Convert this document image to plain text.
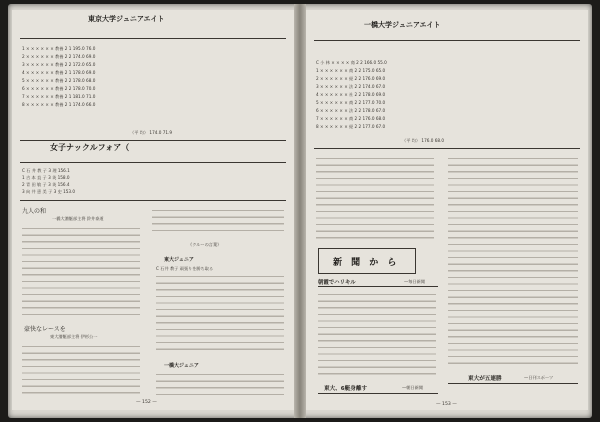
東京大学ジュニアエイト
1 × × × × × × 教養 2 1 195.0 76.0
2 × × × × × × 教養 2 2 174.0 69.0
3 × × × × × × 教養 2 2 172.0 65.0
4 × × × × × × 教養 2 1 178.0 69.0
5 × × × × × × 教養 2 2 178.0 68.0
6 × × × × × × 教養 2 2 178.0 70.0
7 × × × × × × 教養 2 1 181.0 71.0
8 × × × × × × 教養 2 1 174.0 66.0
（平 均） 174.0 71.9
女子ナックルフォア（
C 石 井 教 子 3 理 156.1
1 吉 本 直 子 3 英 158.0
2 青 田 敏 子 3 英 156.4
3 向 井 恵 美 子 3 史 153.0
九人の和
一橋大漕艇部主将 鈴井泰道
豪快なレースを
東大漕艇部主将 伊杉公一
《クルーの言葉》
東大ジュニア
C 石井 教子 頑張りを勝ち取る
一橋大ジュニア
— 152 —
一橋大学ジュニアエイト
C 小 林 × × × × 商 2 2 166.0 55.0
1 × × × × × × 商 2 2 175.0 65.0
2 × × × × × × 経 2 2 176.0 69.0
3 × × × × × × 法 2 2 174.0 67.0
4 × × × × × × 社 2 2 178.0 69.0
5 × × × × × × 商 2 2 177.0 70.0
6 × × × × × × 法 2 2 178.0 67.0
7 × × × × × × 商 2 2 176.0 68.0
8 × × × × × × 経 2 2 177.0 67.0
（平 均） 176.0 68.0
新 聞 か ら
朝霞でハリキル	—毎日新聞
東大、6艇身離す	—朝日新聞
東大が五連勝	—日刊スポーツ
— 153 —
